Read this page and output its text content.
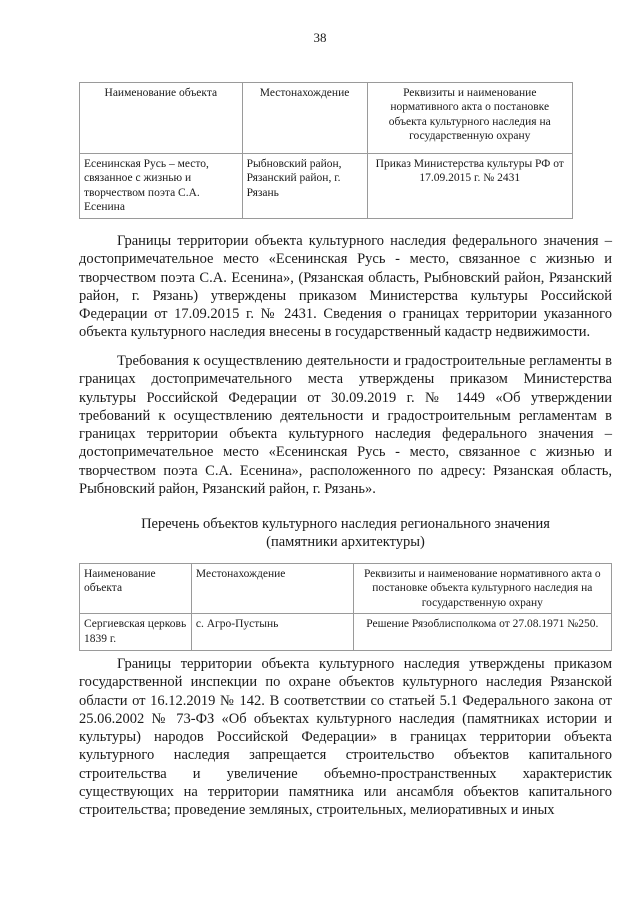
38
Наименование объекта	Местонахождение	Реквизиты и наименование нормативного акта о постановке объекта культурного наследия на государственную охрану
Есенинская Русь – место, связанное с жизнью и творчеством поэта С.А. Есенина	Рыбновский район, Рязанский район, г. Рязань	Приказ Министерства культуры РФ от 17.09.2015 г. № 2431
Границы территории объекта культурного наследия федерального значения – достопримечательное место «Есенинская Русь - место, связанное с жизнью и творчеством поэта С.А. Есенина», (Рязанская область, Рыбновский район, Рязанский район, г. Рязань) утверждены приказом Министерства культуры Российской Федерации от 17.09.2015 г. № 2431. Сведения о границах территории указанного объекта культурного наследия внесены в государственный кадастр недвижимости.
Требования к осуществлению деятельности и градостроительные регламенты в границах достопримечательного места утверждены приказом Министерства культуры Российской Федерации от 30.09.2019 г. № 1449 «Об утверждении требований к осуществлению деятельности и градостроительным регламентам в границах территории объекта культурного наследия федерального значения – достопримечательное место «Есенинская Русь - место, связанное с жизнью и творчеством поэта С.А. Есенина», расположенного по адресу: Рязанская область, Рыбновский район, Рязанский район, г. Рязань».
Перечень объектов культурного наследия регионального значения
(памятники архитектуры)
Наименование объекта	Местонахождение	Реквизиты и наименование нормативного акта о постановке объекта культурного наследия на государственную охрану
Сергиевская церковь 1839 г.	с. Агро-Пустынь	Решение Рязоблисполкома от 27.08.1971 №250.
Границы территории объекта культурного наследия утверждены приказом государственной инспекции по охране объектов культурного наследия Рязанской области от 16.12.2019 № 142. В соответствии со статьей 5.1 Федерального закона от 25.06.2002 № 73-ФЗ «Об объектах культурного наследия (памятниках истории и культуры) народов Российской Федерации» в границах территории объекта культурного наследия запрещается строительство объектов капитального строительства и увеличение объемно-пространственных характеристик существующих на территории памятника или ансамбля объектов капитального строительства; проведение земляных, строительных, мелиоративных и иных
